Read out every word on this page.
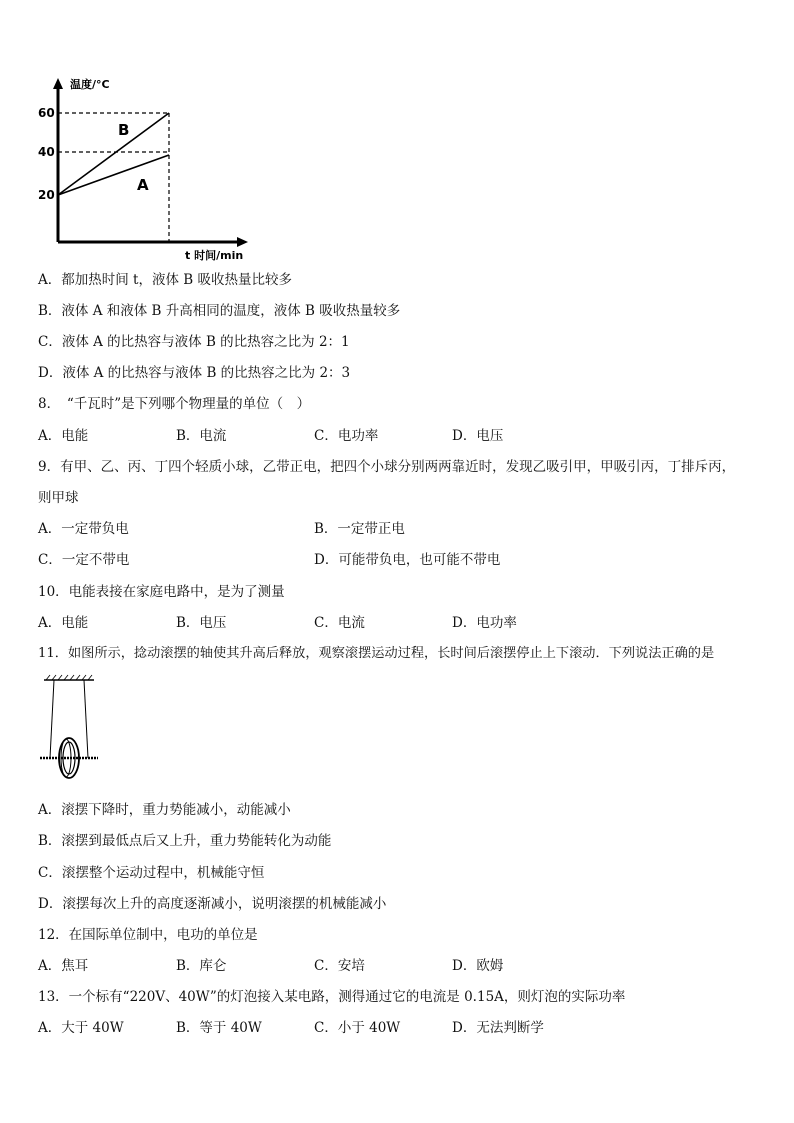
60
40
20
温度/°C
t 时间/min
B
A
A．都加热时间 t，液体 B 吸收热量比较多
B．液体 A 和液体 B 升高相同的温度，液体 B 吸收热量较多
C．液体 A 的比热容与液体 B 的比热容之比为 2：1
D．液体 A 的比热容与液体 B 的比热容之比为 2：3
8．　“千瓦时”是下列哪个物理量的单位（　）
A．电能	B．电流	C．电功率	D．电压
9．有甲、乙、丙、丁四个轻质小球，乙带正电，把四个小球分别两两靠近时，发现乙吸引甲，甲吸引丙，丁排斥丙，
则甲球
A．一定带负电	B．一定带正电
C．一定不带电	D．可能带负电，也可能不带电
10．电能表接在家庭电路中，是为了测量
A．电能	B．电压	C．电流	D．电功率
11．如图所示，捻动滚摆的轴使其升高后释放，观察滚摆运动过程，长时间后滚摆停止上下滚动．下列说法正确的是
A．滚摆下降时，重力势能减小，动能减小
B．滚摆到最低点后又上升，重力势能转化为动能
C．滚摆整个运动过程中，机械能守恒
D．滚摆每次上升的高度逐渐减小，说明滚摆的机械能减小
12．在国际单位制中，电功的单位是
A．焦耳	B．库仑	C．安培	D．欧姆
13．一个标有“220V、40W”的灯泡接入某电路，测得通过它的电流是 0.15A，则灯泡的实际功率
A．大于 40W	B．等于 40W	C．小于 40W	D．无法判断学
